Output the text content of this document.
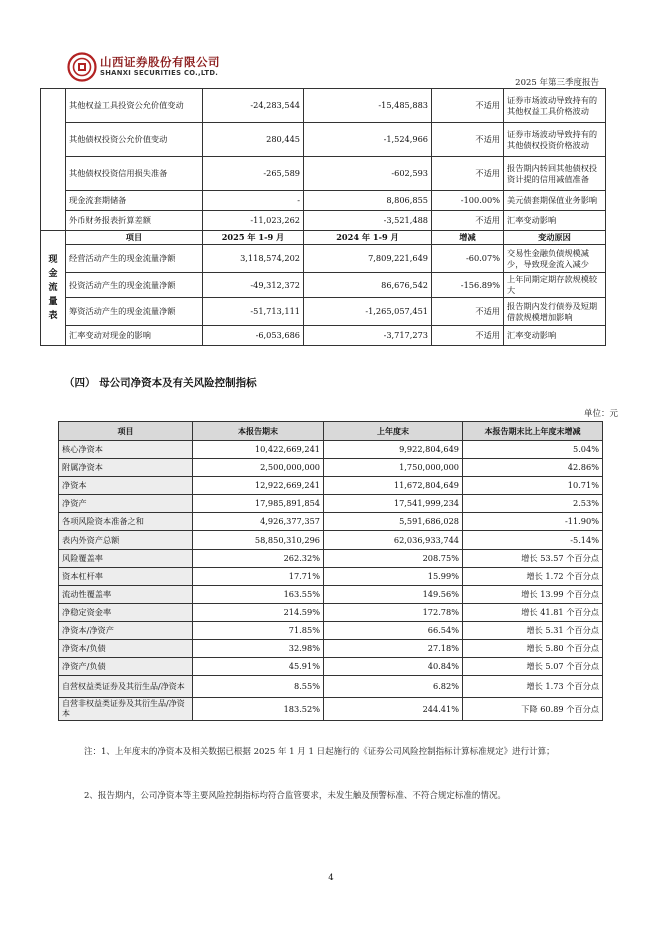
山西证券股份有限公司
SHANXI SECURITIES CO.,LTD.
2025 年第三季度报告
	其他权益工具投资公允价值变动	-24,283,544	-15,485,883	不适用	证券市场波动导致持有的其他权益工具价格波动
	其他债权投资公允价值变动	280,445	-1,524,966	不适用	证券市场波动导致持有的其他债权投资价格波动
	其他债权投资信用损失准备	-265,589	-602,593	不适用	报告期内转回其他债权投资计提的信用减值准备
	现金流套期储备	-	8,806,855	-100.00%	美元债套期保值业务影响
	外币财务报表折算差额	-11,023,262	-3,521,488	不适用	汇率变动影响

现
金
流
量
表	项目	2025 年 1-9 月	2024 年 1-9 月	增减	变动原因
	经营活动产生的现金流量净额	3,118,574,202	7,809,221,649	-60.07%	交易性金融负债规模减少，导致现金流入减少
	投资活动产生的现金流量净额	-49,312,372	86,676,542	-156.89%	上年同期定期存款规模较大
	筹资活动产生的现金流量净额	-51,713,111	-1,265,057,451	不适用	报告期内发行债券及短期借款规模增加影响
	汇率变动对现金的影响	-6,053,686	-3,717,273	不适用	汇率变动影响
（四） 母公司净资本及有关风险控制指标
单位：元
项目	本报告期末	上年度末	本报告期末比上年度末增减
核心净资本	10,422,669,241	9,922,804,649	5.04%
附属净资本	2,500,000,000	1,750,000,000	42.86%
净资本	12,922,669,241	11,672,804,649	10.71%
净资产	17,985,891,854	17,541,999,234	2.53%
各项风险资本准备之和	4,926,377,357	5,591,686,028	-11.90%
表内外资产总额	58,850,310,296	62,036,933,744	-5.14%
风险覆盖率	262.32%	208.75%	增长 53.57 个百分点
资本杠杆率	17.71%	15.99%	增长 1.72 个百分点
流动性覆盖率	163.55%	149.56%	增长 13.99 个百分点
净稳定资金率	214.59%	172.78%	增长 41.81 个百分点
净资本/净资产	71.85%	66.54%	增长 5.31 个百分点
净资本/负债	32.98%	27.18%	增长 5.80 个百分点
净资产/负债	45.91%	40.84%	增长 5.07 个百分点
自营权益类证券及其衍生品/净资本	8.55%	6.82%	增长 1.73 个百分点
自营非权益类证券及其衍生品/净资本	183.52%	244.41%	下降 60.89 个百分点
注：1、上年度末的净资本及相关数据已根据 2025 年 1 月 1 日起施行的《证券公司风险控制指标计算标准规定》进行计算；
2、报告期内，公司净资本等主要风险控制指标均符合监管要求，未发生触及预警标准、不符合规定标准的情况。
4
